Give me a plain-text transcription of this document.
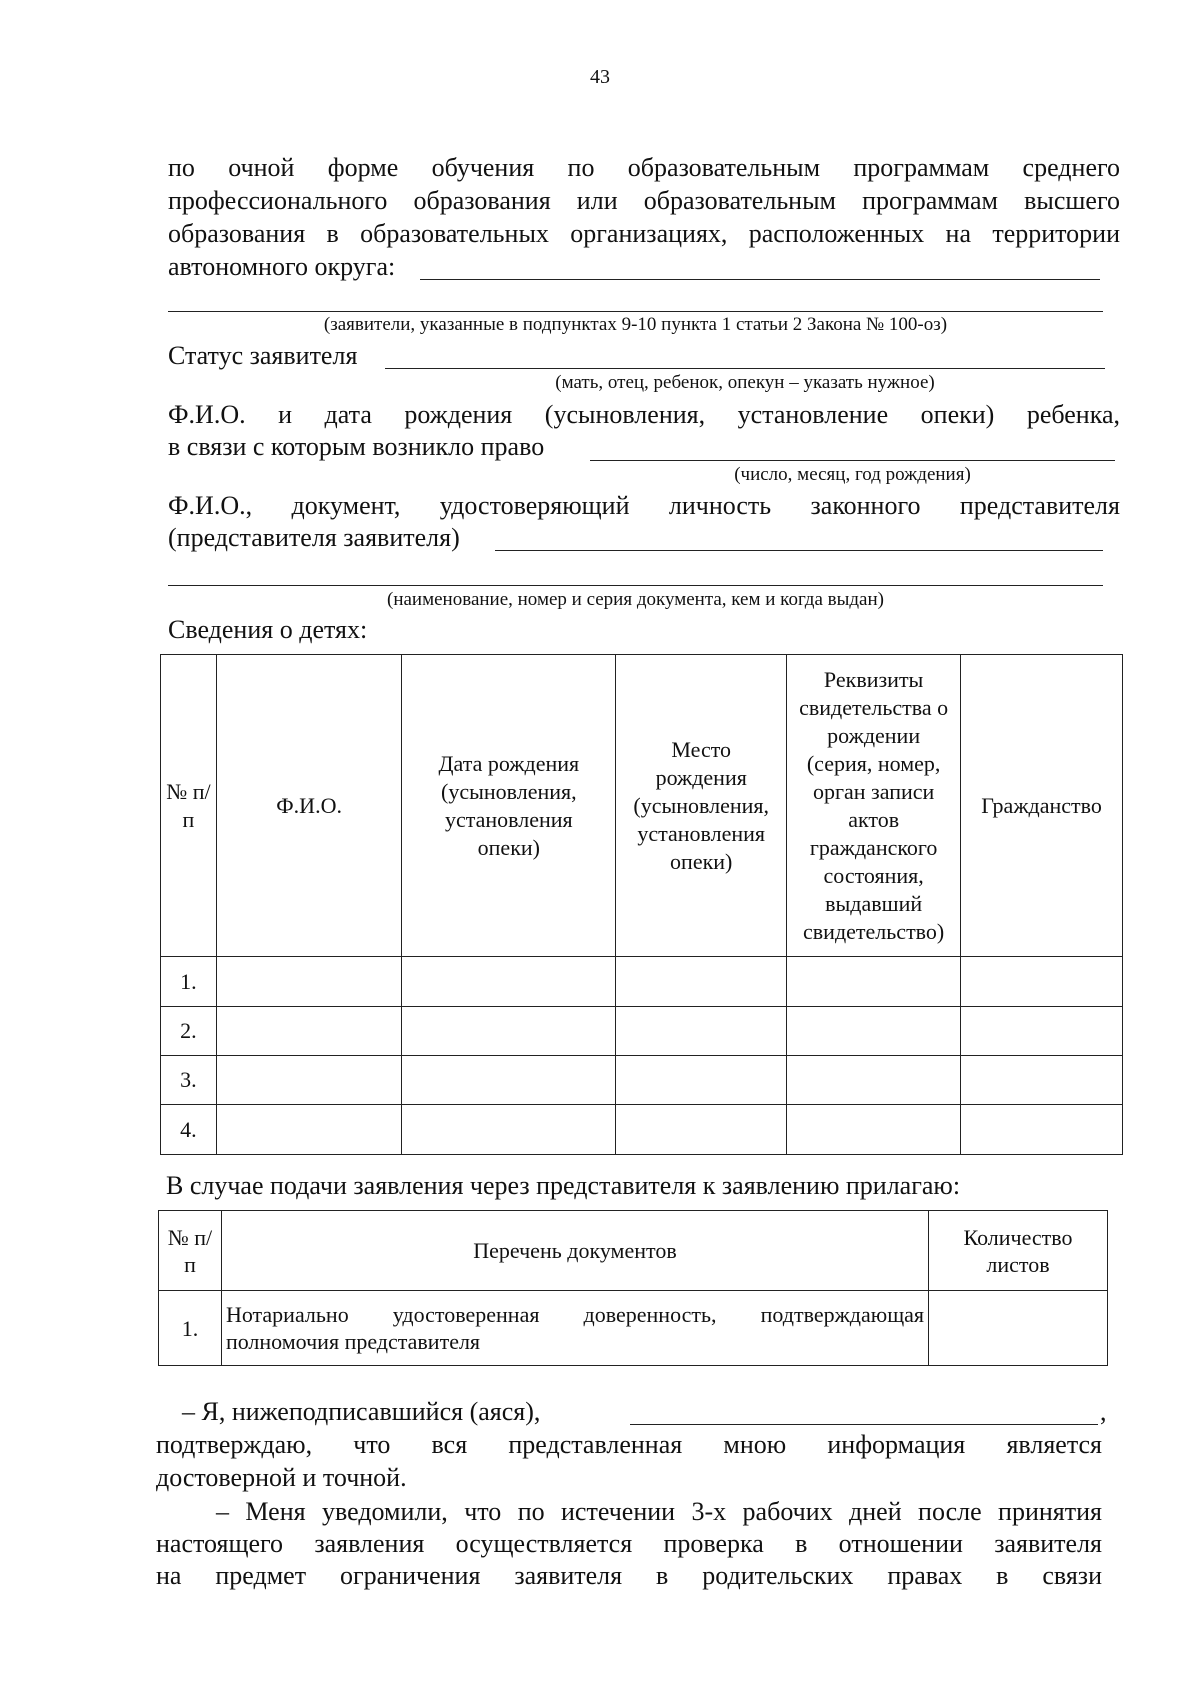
43
по очной форме обучения по образовательным программам среднего
профессионального образования или образовательным программам высшего
образования в образовательных организациях, расположенных на территории
автономного округа:
(заявители, указанные в подпунктах 9-10 пункта 1 статьи 2 Закона № 100-оз)
Статус заявителя
(мать, отец, ребенок, опекун – указать нужное)
Ф.И.О. и дата рождения (усыновления, установление опеки) ребенка,
в связи с которым возникло право
(число, месяц, год рождения)
Ф.И.О., документ, удостоверяющий личность законного представителя
(представителя заявителя)
(наименование, номер и серия документа, кем и когда выдан)
Сведения о детях:
№ п/п	Ф.И.О.	Дата рождения (усыновления, установления опеки)	Место рождения (усыновления, установления опеки)	Реквизиты свидетельства о рождении (серия, номер, орган записи актов гражданского состояния, выдавший свидетельство)	Гражданство
1.					
2.					
3.					
4.					
В случае подачи заявления через представителя к заявлению прилагаю:
№ п/п	Перечень документов	Количество листов
1.	Нотариально удостоверенная доверенность, подтверждающая полномочия представителя	
– Я, нижеподписавшийся (аяся),	,
подтверждаю, что вся представленная мною информация является
достоверной и точной.
– Меня уведомили, что по истечении 3-х рабочих дней после принятия
настоящего заявления осуществляется проверка в отношении заявителя
на предмет ограничения заявителя в родительских правах в связи
